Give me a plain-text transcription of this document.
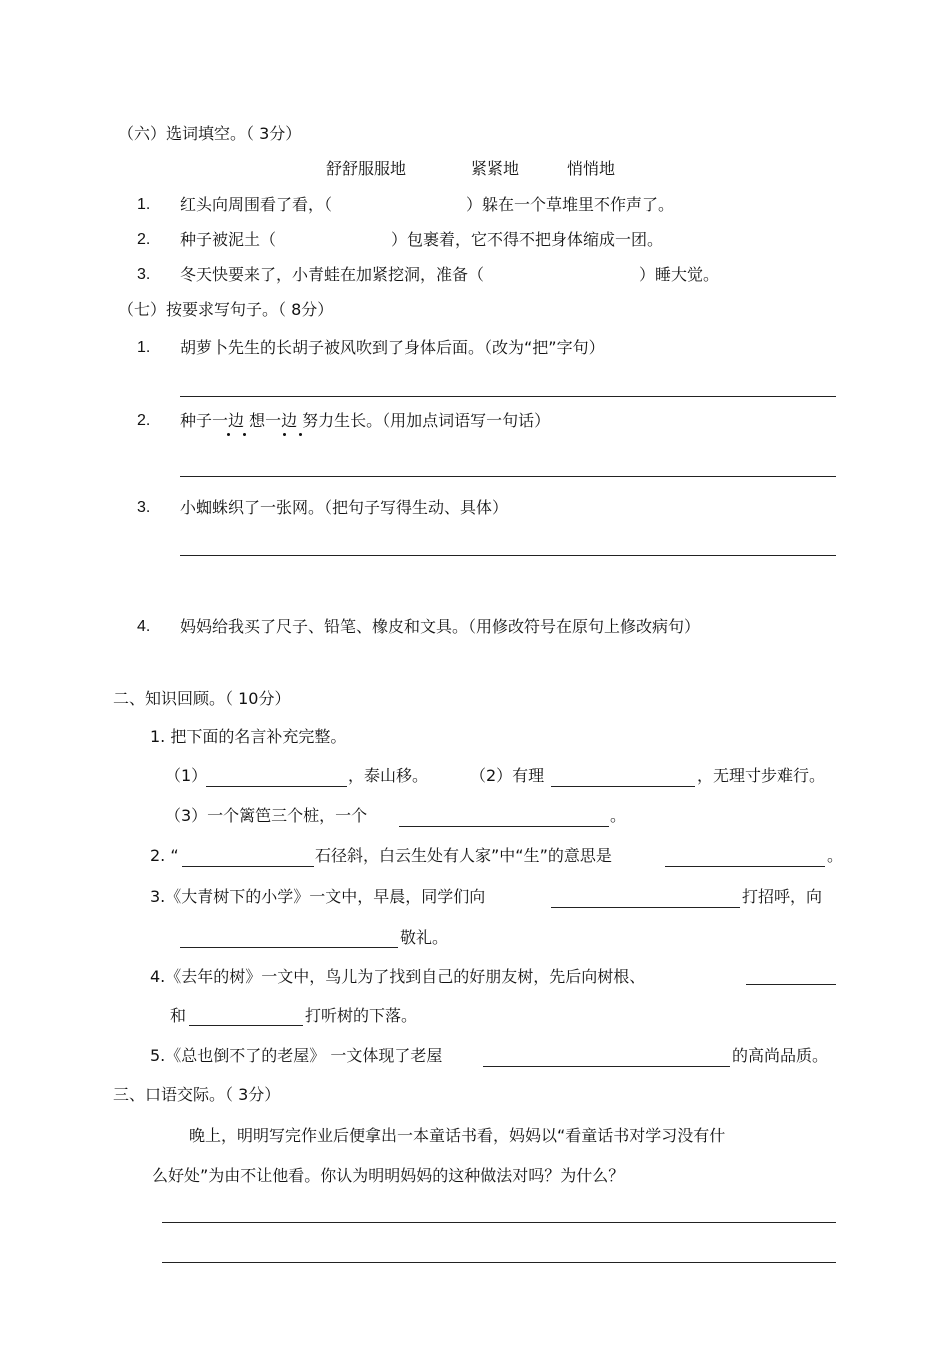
（六）选词填空。（ 3分）
舒舒服服地	紧紧地	悄悄地
1. 红头向周围看了看，（	）躲在一个草堆里不作声了。
2. 种子被泥土（	）包裹着，它不得不把身体缩成一团。
3. 冬天快要来了，小青蛙在加紧挖洞，准备（	）睡大觉。
（七）按要求写句子。（ 8分）
1. 胡萝卜先生的长胡子被风吹到了身体后面。（改为“把”字句）
2. 种子一边 想一边 努力生长。（用加点词语写一句话）
3. 小蜘蛛织了一张网。（把句子写得生动、具体）
4. 妈妈给我买了尺子、铅笔、橡皮和文具。（用修改符号在原句上修改病句）
二、知识回顾。（ 10分）
1. 把下面的名言补充完整。
（1）	，泰山移。	（2）有理	，无理寸步难行。
（3）一个篱笆三个桩，一个	。
2. “	石径斜，白云生处有人家”中“生”的意思是	。
3.《大青树下的小学》一文中，早晨，同学们向	打招呼，向
敬礼。
4.《去年的树》一文中，鸟儿为了找到自己的好朋友树，先后向树根、
和	打听树的下落。
5.《总也倒不了的老屋》 一文体现了老屋	的高尚品质。
三、口语交际。（ 3分）
晚上，明明写完作业后便拿出一本童话书看，妈妈以“看童话书对学习没有什
么好处”为由不让他看。你认为明明妈妈的这种做法对吗？为什么？
